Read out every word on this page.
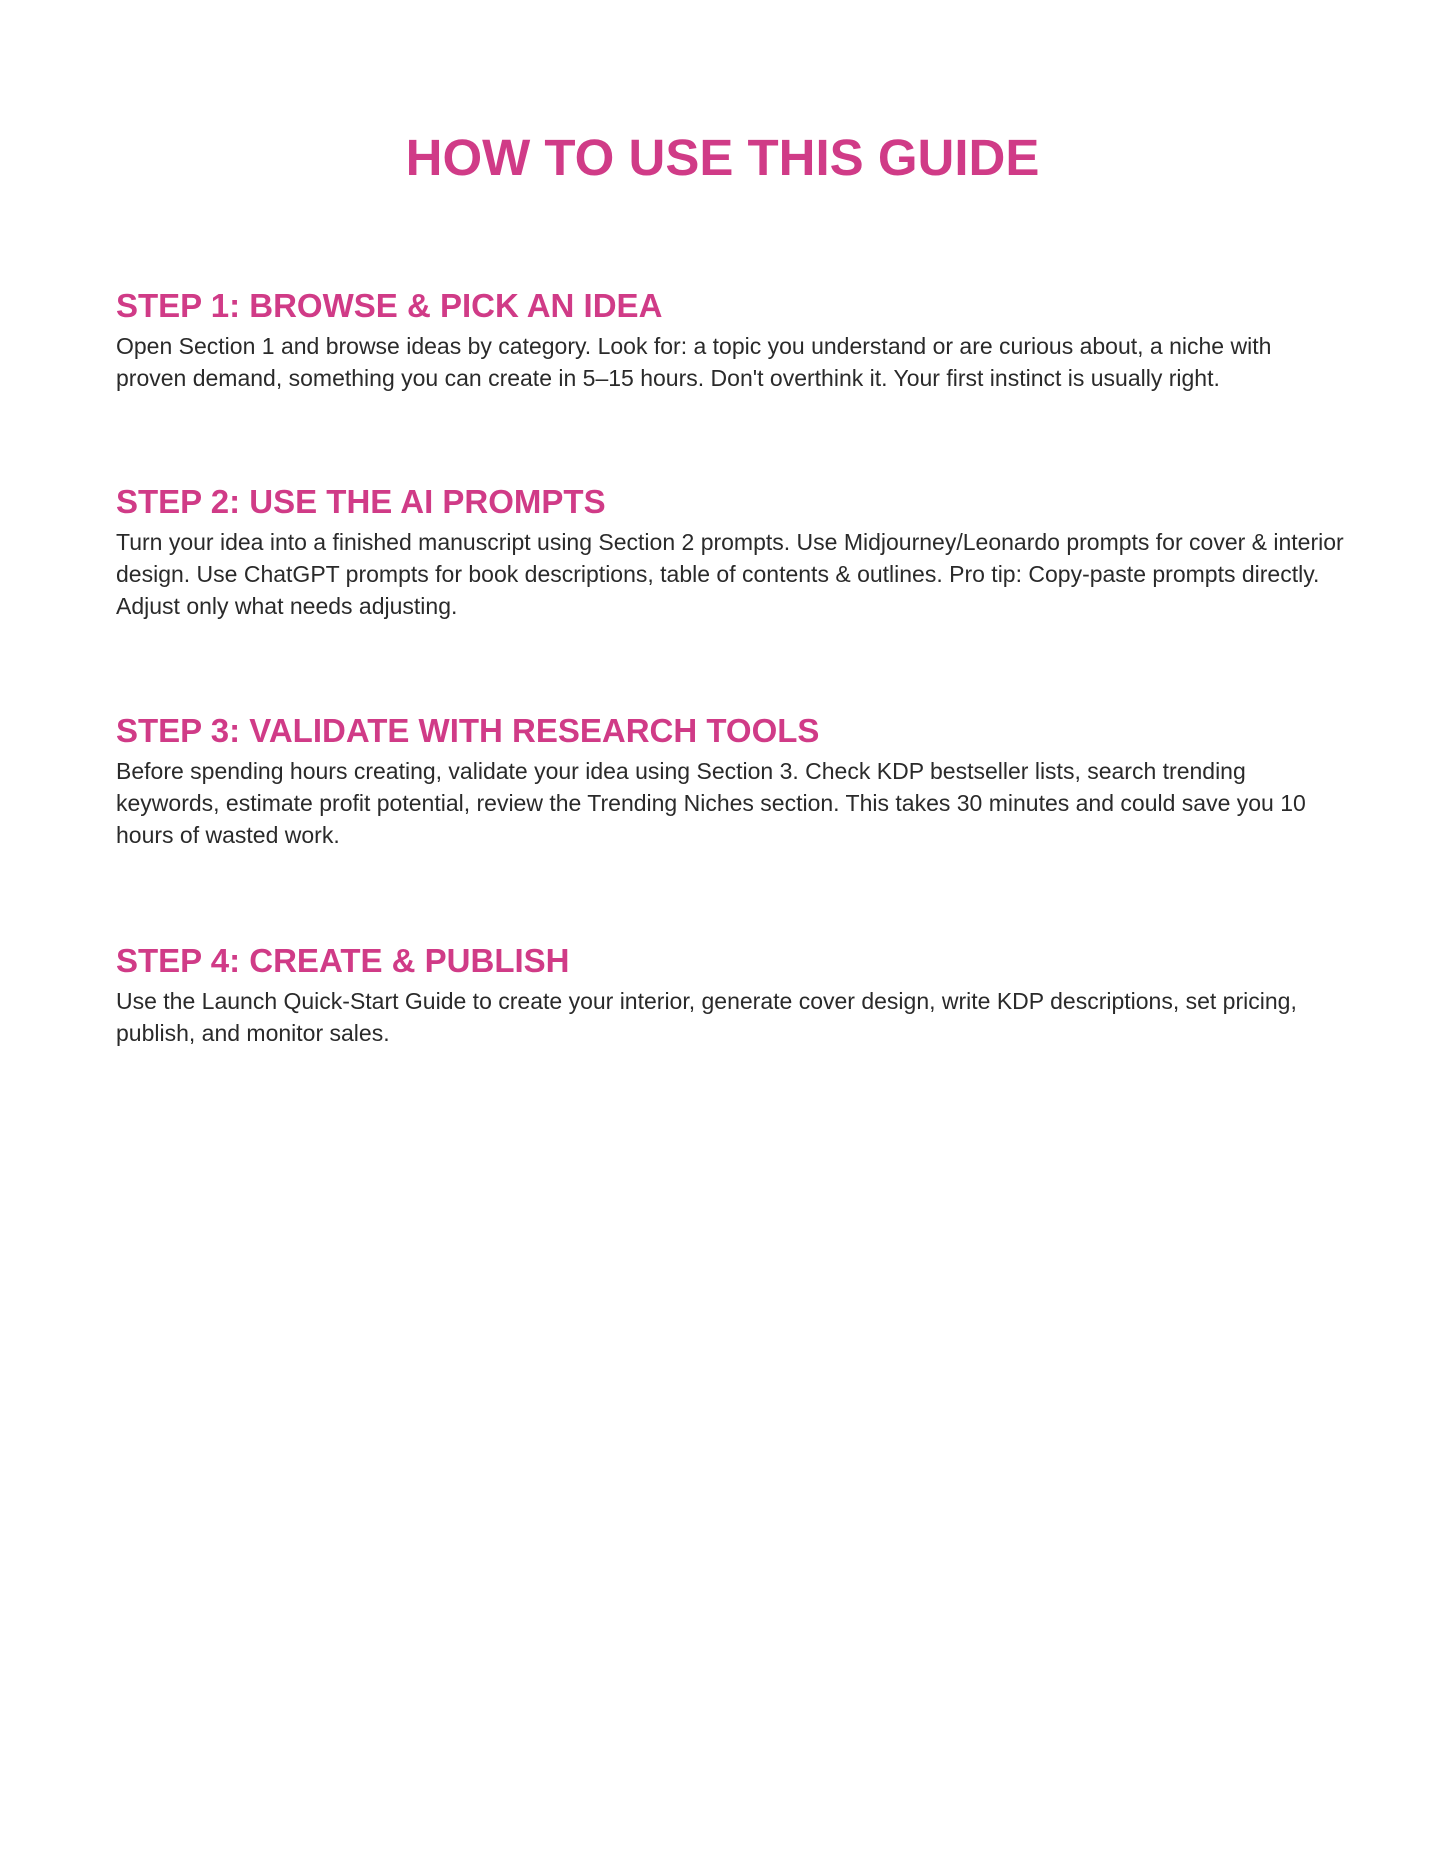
HOW TO USE THIS GUIDE
STEP 1: BROWSE & PICK AN IDEA

Open Section 1 and browse ideas by category. Look for: a topic you understand or are curious about, a niche with proven demand, something you can create in 5–15 hours. Don't overthink it. Your first instinct is usually right.

STEP 2: USE THE AI PROMPTS

Turn your idea into a finished manuscript using Section 2 prompts. Use Midjourney/Leonardo prompts for cover & interior design. Use ChatGPT prompts for book descriptions, table of contents & outlines. Pro tip: Copy-paste prompts directly. Adjust only what needs adjusting.

STEP 3: VALIDATE WITH RESEARCH TOOLS

Before spending hours creating, validate your idea using Section 3. Check KDP bestseller lists, search trending keywords, estimate profit potential, review the Trending Niches section. This takes 30 minutes and could save you 10 hours of wasted work.

STEP 4: CREATE & PUBLISH

Use the Launch Quick-Start Guide to create your interior, generate cover design, write KDP descriptions, set pricing, publish, and monitor sales.
